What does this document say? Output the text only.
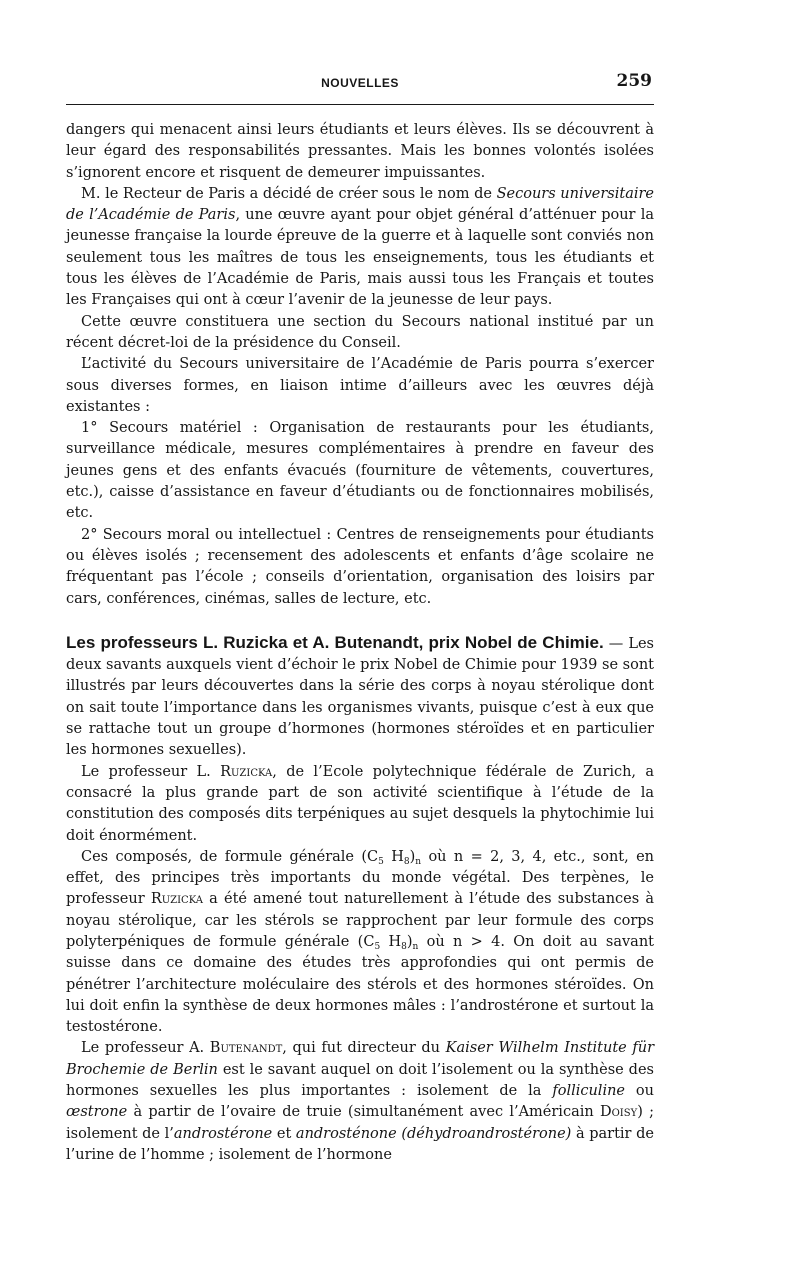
NOUVELLES	259

dangers qui menacent ainsi leurs étudiants et leurs élèves. Ils se découvrent à leur égard des responsabilités pressantes. Mais les bonnes volontés isolées s’ignorent encore et risquent de demeurer impuissantes.

M. le Recteur de Paris a décidé de créer sous le nom de Secours universitaire de l’Académie de Paris, une œuvre ayant pour objet général d’atténuer pour la jeunesse française la lourde épreuve de la guerre et à laquelle sont conviés non seulement tous les maîtres de tous les enseignements, tous les étudiants et tous les élèves de l’Académie de Paris, mais aussi tous les Français et toutes les Françaises qui ont à cœur l’avenir de la jeunesse de leur pays.

Cette œuvre constituera une section du Secours national institué par un récent décret-loi de la présidence du Conseil.

L’activité du Secours universitaire de l’Académie de Paris pourra s’exercer sous diverses formes, en liaison intime d’ailleurs avec les œuvres déjà existantes :

1° Secours matériel : Organisation de restaurants pour les étudiants, surveillance médicale, mesures complémentaires à prendre en faveur des jeunes gens et des enfants évacués (fourniture de vêtements, couvertures, etc.), caisse d’assistance en faveur d’étudiants ou de fonctionnaires mobilisés, etc.

2° Secours moral ou intellectuel : Centres de renseignements pour étudiants ou élèves isolés ; recensement des adolescents et enfants d’âge scolaire ne fréquentant pas l’école ; conseils d’orientation, organisation des loisirs par cars, conférences, cinémas, salles de lecture, etc.

Les professeurs L. Ruzicka et A. Butenandt, prix Nobel de Chimie. — Les deux savants auxquels vient d’échoir le prix Nobel de Chimie pour 1939 se sont illustrés par leurs découvertes dans la série des corps à noyau stérolique dont on sait toute l’importance dans les organismes vivants, puisque c’est à eux que se rattache tout un groupe d’hormones (hormones stéroïdes et en particulier les hormones sexuelles).

Le professeur L. Ruzicka, de l’Ecole polytechnique fédérale de Zurich, a consacré la plus grande part de son activité scientifique à l’étude de la constitution des composés dits terpéniques au sujet desquels la phytochimie lui doit énormément.

Ces composés, de formule générale ($C_5$ $H_8)_n$ où n = 2, 3, 4, etc., sont, en effet, des principes très importants du monde végétal. Des terpènes, le professeur Ruzicka a été amené tout naturellement à l’étude des substances à noyau stérolique, car les stérols se rapprochent par leur formule des corps polyterpéniques de formule générale ($C_5$ $H_8)_n$ où n > 4. On doit au savant suisse dans ce domaine des études très approfondies qui ont permis de pénétrer l’architecture moléculaire des stérols et des hormones stéroïdes. On lui doit enfin la synthèse de deux hormones mâles : l’androstérone et surtout la testostérone.

Le professeur A. Butenandt, qui fut directeur du Kaiser Wilhelm Institute für Brochemie de Berlin est le savant auquel on doit l’isolement ou la synthèse des hormones sexuelles les plus importantes : isolement de la folliculine ou œstrone à partir de l’ovaire de truie (simultanément avec l’Américain Doisy) ; isolement de l’androstérone et androsténone (déhydroandrostérone) à partir de l’urine de l’homme ; isolement de l’hormone
